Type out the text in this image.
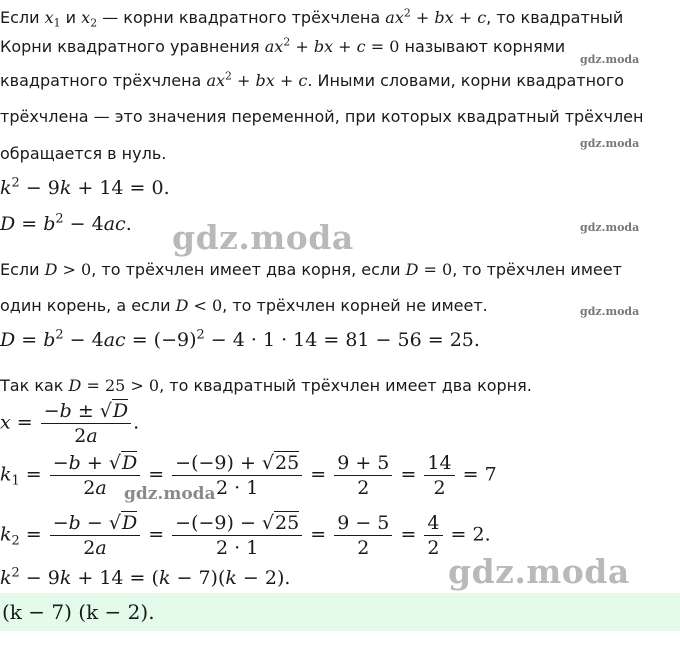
Если $x_1$ и $x_2$ — корни квадратного трёхчлена $ax^2$ + bx + c, то квадратный
Корни квадратного уравнения $ax^2$ + bx + c = 0 называют корнями
квадратного трёхчлена $ax^2$ + bx + c. Иными словами, корни квадратного
трёхчлена — это значения переменной, при которых квадратный трёхчлен
обращается в нуль.
$k^2 - 9k + 14 = 0$.
$D = b^2 - 4ac$. gdz.moda
Если D > 0, то трёхчлен имеет два корня, если D = 0, то трёхчлен имеет
один корень, а если D < 0, то трёхчлен корней не имеет.
$D = b^2 - 4ac = (-9)^2 - 4 \cdot 1 \cdot 14 = 81 - 56 = 25$.
Так как D = 25 > 0, то квадратный трёхчлен имеет два корня.
$x = \frac{-b \pm √D}{2a}$ .
$k_1 = \frac{-b + √D}{2a} = \frac{-(-9) + √25}{2 \cdot 1} = \frac{9 + 5}{2} = \frac{14}{2} = 7$
gdz.moda
$k_2 = \frac{-b - √D}{2a} = \frac{-(-9) - √25}{2 \cdot 1} = \frac{9 - 5}{2} = \frac{4}{2} = 2$.
$k^2 - 9k + 14 = (k - 7)(k - 2)$.	gdz.moda
(k − 7) (k − 2).
gdz.moda
gdz.moda
gdz.moda
gdz.moda
